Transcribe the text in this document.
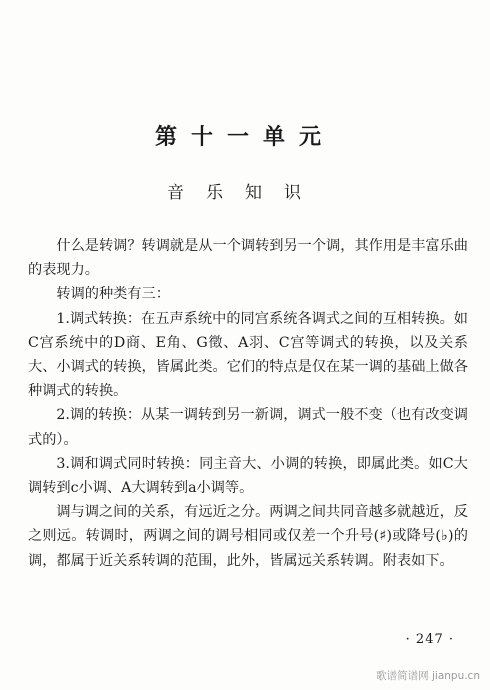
第十一单元
音乐知识

什么是转调？转调就是从一个调转到另一个调，其作用是丰富乐曲的表现力。

转调的种类有三：

1.调式转换：在五声系统中的同宫系统各调式之间的互相转换。如C宫系统中的D商、E角、G徵、A羽、C宫等调式的转换，以及关系大、小调式的转换，皆属此类。它们的特点是仅在某一调的基础上做各种调式的转换。

2.调的转换：从某一调转到另一新调，调式一般不变（也有改变调式的）。

3.调和调式同时转换：同主音大、小调的转换，即属此类。如C大调转到c小调、A大调转到a小调等。

调与调之间的关系，有远近之分。两调之间共同音越多就越近，反之则远。转调时，两调之间的调号相同或仅差一个升号(♯)或降号(♭)的调，都属于近关系转调的范围，此外，皆属远关系转调。附表如下。

· 247 ·
歌谱简谱网 jianpu.cn
